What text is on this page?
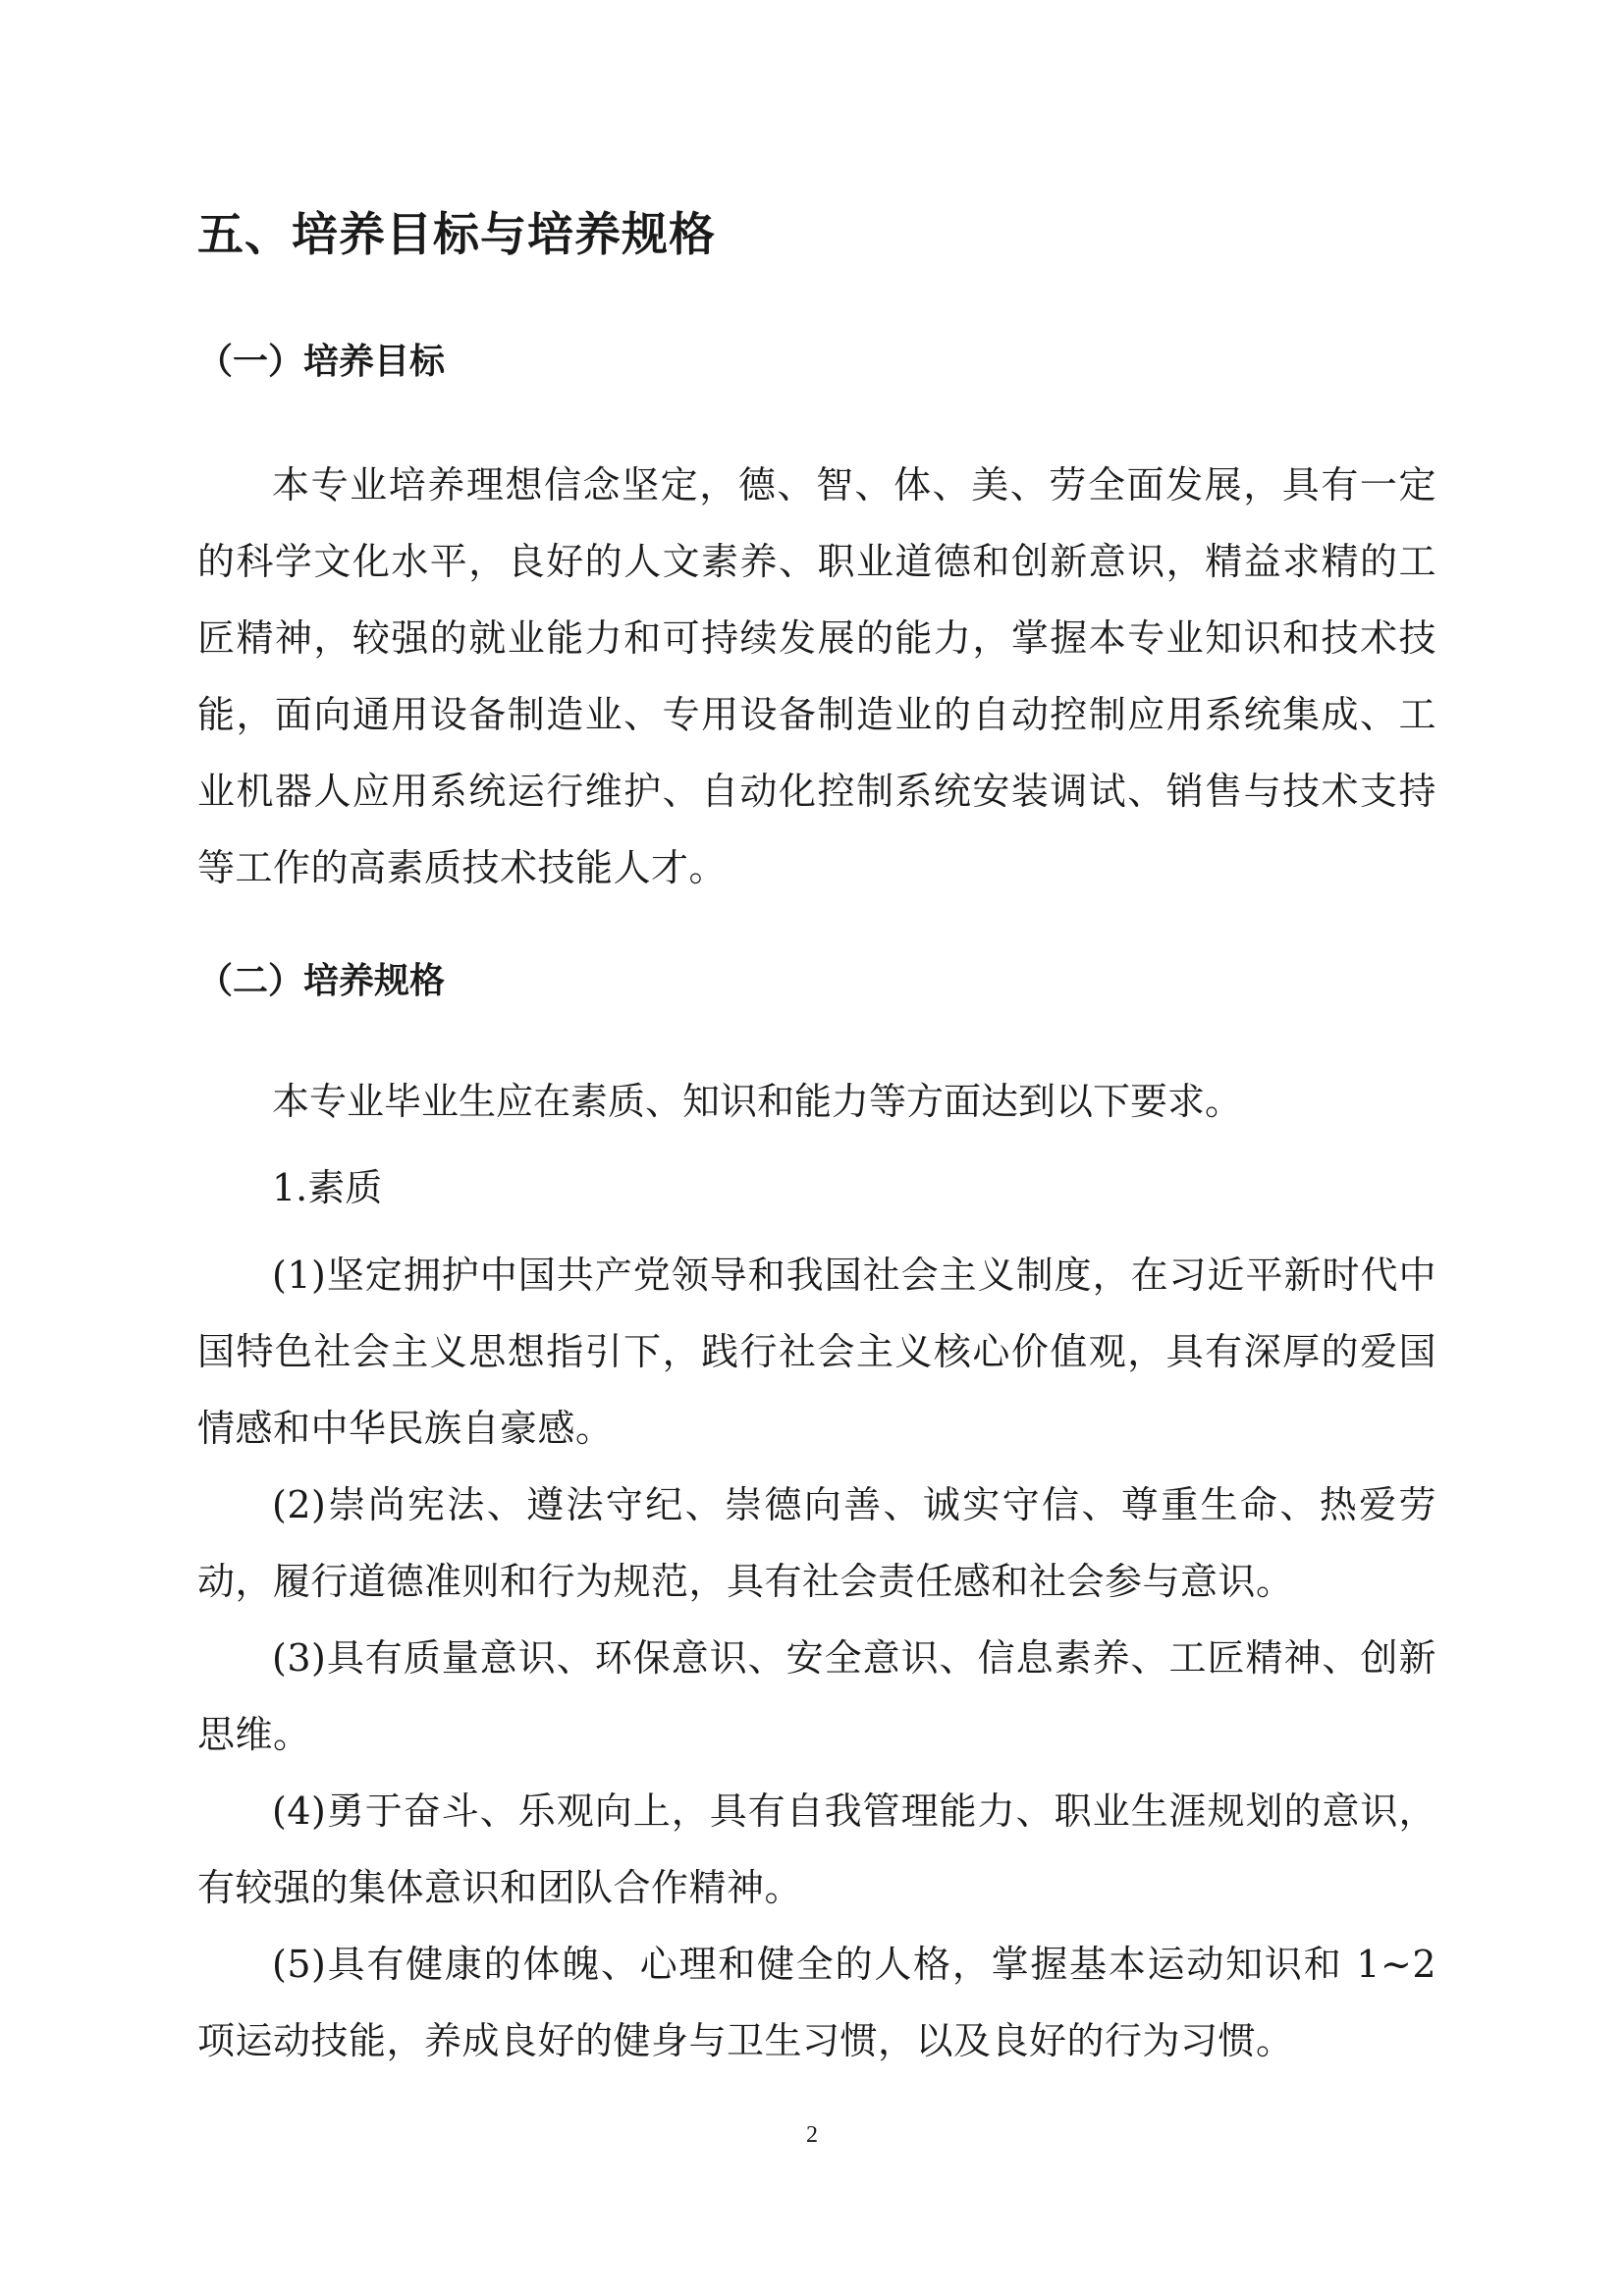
五、培养目标与培养规格
（一）培养目标

本专业培养理想信念坚定，德、智、体、美、劳全面发展，具有一定的科学文化水平，良好的人文素养、职业道德和创新意识，精益求精的工匠精神，较强的就业能力和可持续发展的能力，掌握本专业知识和技术技能，面向通用设备制造业、专用设备制造业的自动控制应用系统集成、工业机器人应用系统运行维护、自动化控制系统安装调试、销售与技术支持等工作的高素质技术技能人才。

（二）培养规格

本专业毕业生应在素质、知识和能力等方面达到以下要求。

1.素质

(1)坚定拥护中国共产党领导和我国社会主义制度，在习近平新时代中国特色社会主义思想指引下，践行社会主义核心价值观，具有深厚的爱国情感和中华民族自豪感。

(2)崇尚宪法、遵法守纪、崇德向善、诚实守信、尊重生命、热爱劳动，履行道德准则和行为规范，具有社会责任感和社会参与意识。

(3)具有质量意识、环保意识、安全意识、信息素养、工匠精神、创新思维。

(4)勇于奋斗、乐观向上，具有自我管理能力、职业生涯规划的意识，有较强的集体意识和团队合作精神。

(5)具有健康的体魄、心理和健全的人格，掌握基本运动知识和 1~2 项运动技能，养成良好的健身与卫生习惯，以及良好的行为习惯。

2
